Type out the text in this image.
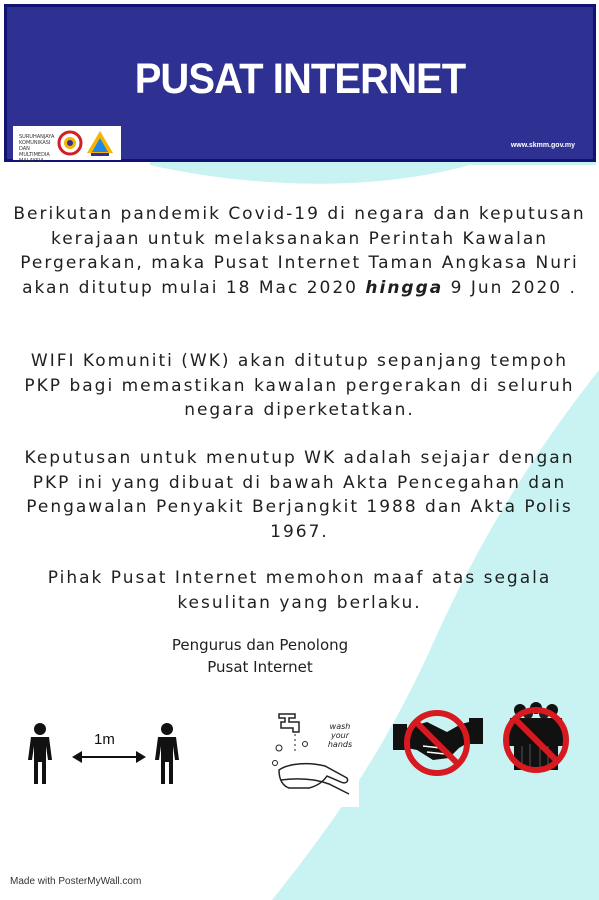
PUSAT INTERNET
SURUHANJAYA KOMUNIKASI DAN MULTIMEDIA MALAYSIA
www.skmm.gov.my
Berikutan pandemik Covid-19 di negara dan keputusan kerajaan untuk melaksanakan Perintah Kawalan Pergerakan, maka Pusat Internet Taman Angkasa Nuri akan ditutup mulai 18 Mac 2020 hingga 9 Jun 2020 .
WIFI Komuniti (WK) akan ditutup sepanjang tempoh PKP bagi memastikan kawalan pergerakan di seluruh negara diperketatkan.
Keputusan untuk menutup WK adalah sejajar dengan PKP ini yang dibuat di bawah Akta Pencegahan dan Pengawalan Penyakit Berjangkit 1988 dan Akta Polis 1967.
Pihak Pusat Internet memohon maaf atas segala kesulitan yang berlaku.
Pengurus dan Penolong
Pusat Internet
1m
wash your hands
Made with PosterMyWall.com
